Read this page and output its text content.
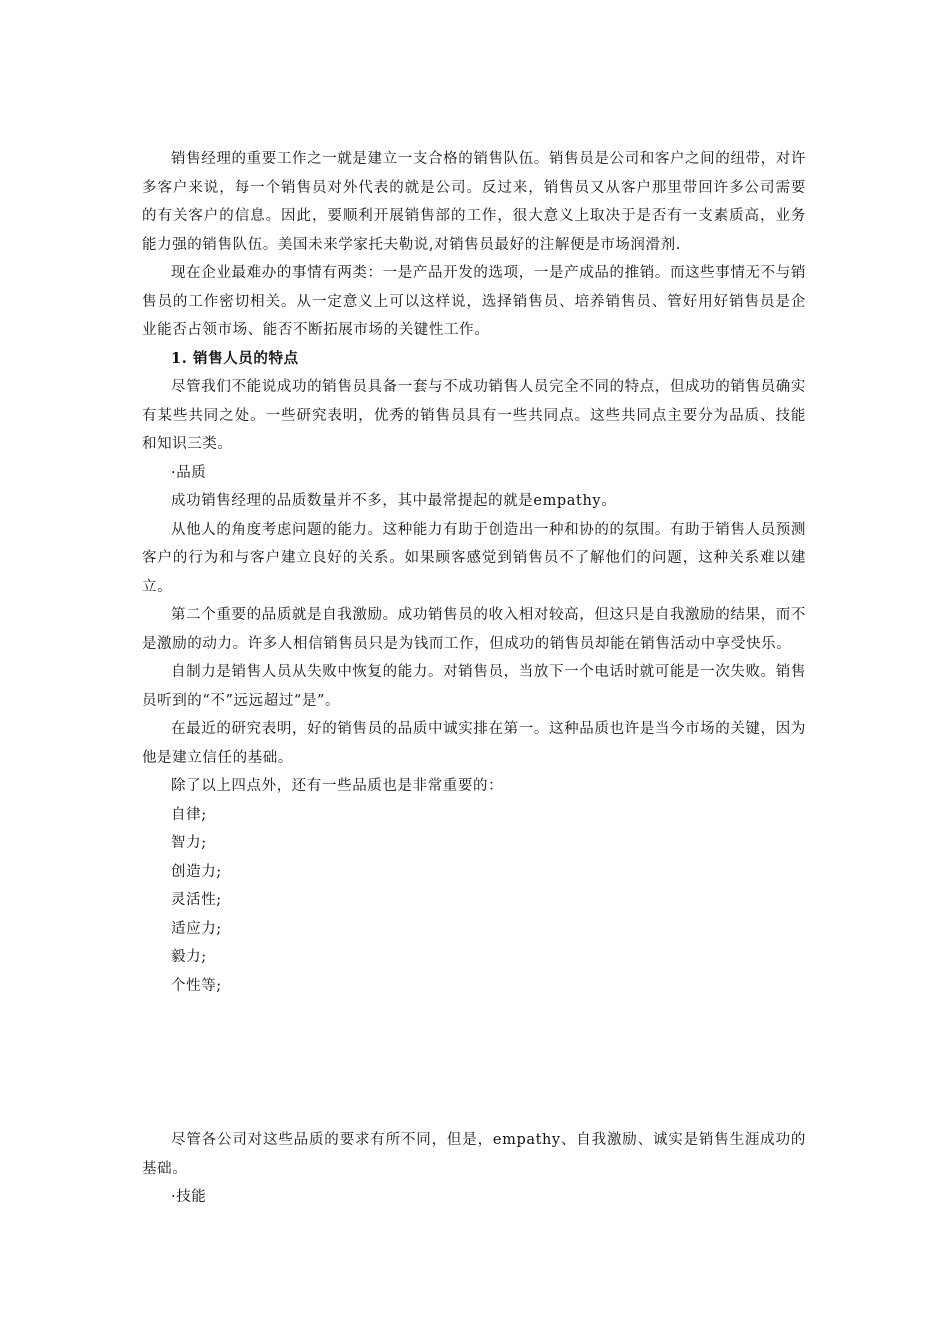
销售经理的重要工作之一就是建立一支合格的销售队伍。销售员是公司和客户之间的纽带，对许多客户来说，每一个销售员对外代表的就是公司。反过来，销售员又从客户那里带回许多公司需要的有关客户的信息。因此，要顺利开展销售部的工作，很大意义上取决于是否有一支素质高，业务能力强的销售队伍。美国未来学家托夫勒说,对销售员最好的注解便是市场润滑剂.

现在企业最难办的事情有两类：一是产品开发的选项，一是产成品的推销。而这些事情无不与销售员的工作密切相关。从一定意义上可以这样说，选择销售员、培养销售员、管好用好销售员是企业能否占领市场、能否不断拓展市场的关键性工作。

1. 销售人员的特点

尽管我们不能说成功的销售员具备一套与不成功销售人员完全不同的特点，但成功的销售员确实有某些共同之处。一些研究表明，优秀的销售员具有一些共同点。这些共同点主要分为品质、技能和知识三类。

·品质

成功销售经理的品质数量并不多，其中最常提起的就是empathy。

从他人的角度考虑问题的能力。这种能力有助于创造出一种和协的的氛围。有助于销售人员预测客户的行为和与客户建立良好的关系。如果顾客感觉到销售员不了解他们的问题，这种关系难以建立。

第二个重要的品质就是自我激励。成功销售员的收入相对较高，但这只是自我激励的结果，而不是激励的动力。许多人相信销售员只是为钱而工作，但成功的销售员却能在销售活动中享受快乐。

自制力是销售人员从失败中恢复的能力。对销售员，当放下一个电话时就可能是一次失败。销售员听到的“不”远远超过“是”。

在最近的研究表明，好的销售员的品质中诚实排在第一。这种品质也许是当今市场的关键，因为他是建立信任的基础。

除了以上四点外，还有一些品质也是非常重要的：

自律;

智力;

创造力;

灵活性;

适应力;

毅力;

个性等;

尽管各公司对这些品质的要求有所不同，但是，empathy、自我激励、诚实是销售生涯成功的基础。

·技能
